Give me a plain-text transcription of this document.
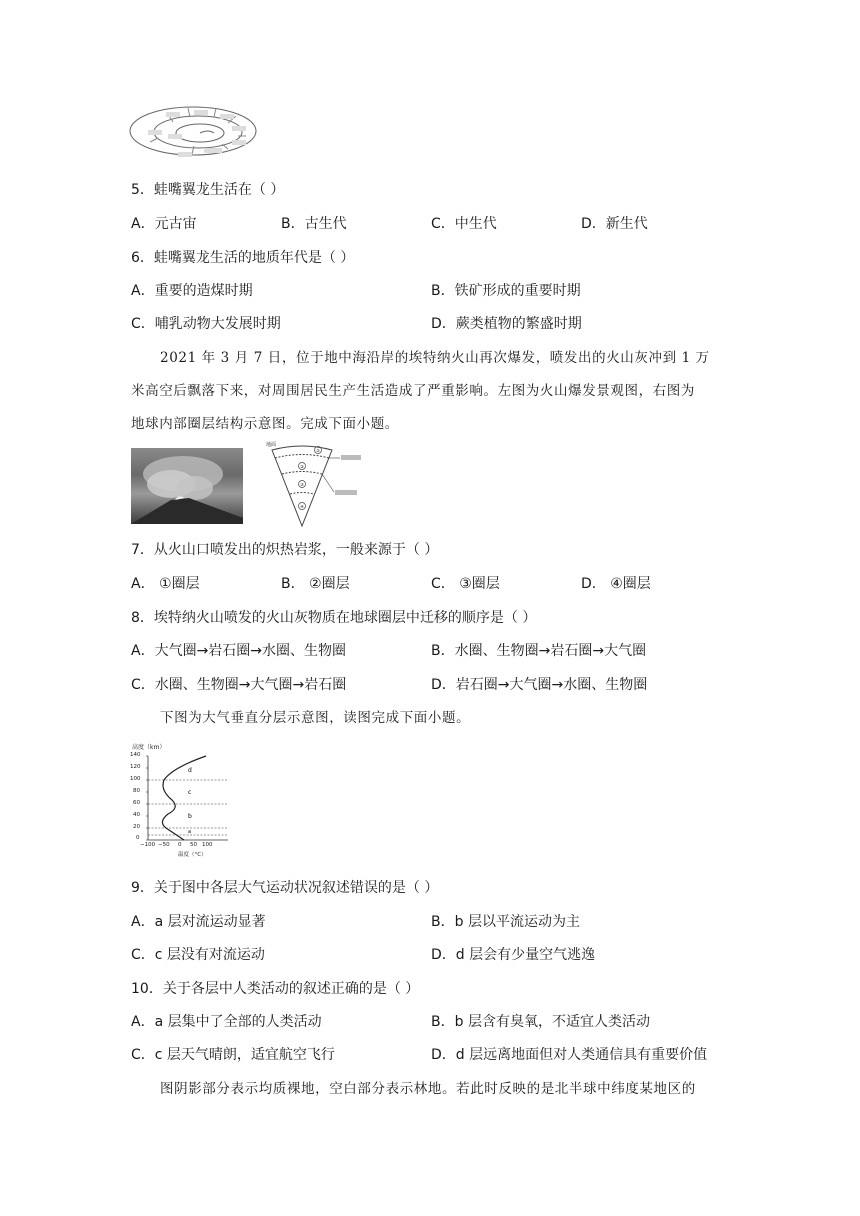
5．蛙嘴翼龙生活在（ ）
A．元古宙	B．古生代	C．中生代	D．新生代
6．蛙嘴翼龙生活的地质年代是（ ）
A．重要的造煤时期	B．铁矿形成的重要时期
C．哺乳动物大发展时期	D．蕨类植物的繁盛时期
2021 年 3 月 7 日，位于地中海沿岸的埃特纳火山再次爆发，喷发出的火山灰冲到 1 万
米高空后飘落下来，对周围居民生产生活造成了严重影响。左图为火山爆发景观图，右图为
地球内部圈层结构示意图。完成下面小题。
①
②
③
④
地面
7．从火山口喷发出的炽热岩浆，一般来源于（ ）
A． ①圈层	B． ②圈层	C． ③圈层	D． ④圈层
8．埃特纳火山喷发的火山灰物质在地球圈层中迁移的顺序是（ ）
A．大气圈→岩石圈→水圈、生物圈	B．水圈、生物圈→岩石圈→大气圈
C．水圈、生物圈→大气圈→岩石圈	D．岩石圈→大气圈→水圈、生物圈
下图为大气垂直分层示意图，读图完成下面小题。
d
c
b
a
高度（km）
140
120
100
80
60
40
20
0
−100 −50 0 50 100
温度（°C）
9．关于图中各层大气运动状况叙述错误的是（ ）
A．a 层对流运动显著	B．b 层以平流运动为主
C．c 层没有对流运动	D．d 层会有少量空气逃逸
10．关于各层中人类活动的叙述正确的是（ ）
A．a 层集中了全部的人类活动	B．b 层含有臭氧，不适宜人类活动
C．c 层天气晴朗，适宜航空飞行	D．d 层远离地面但对人类通信具有重要价值
图阴影部分表示均质裸地，空白部分表示林地。若此时反映的是北半球中纬度某地区的
